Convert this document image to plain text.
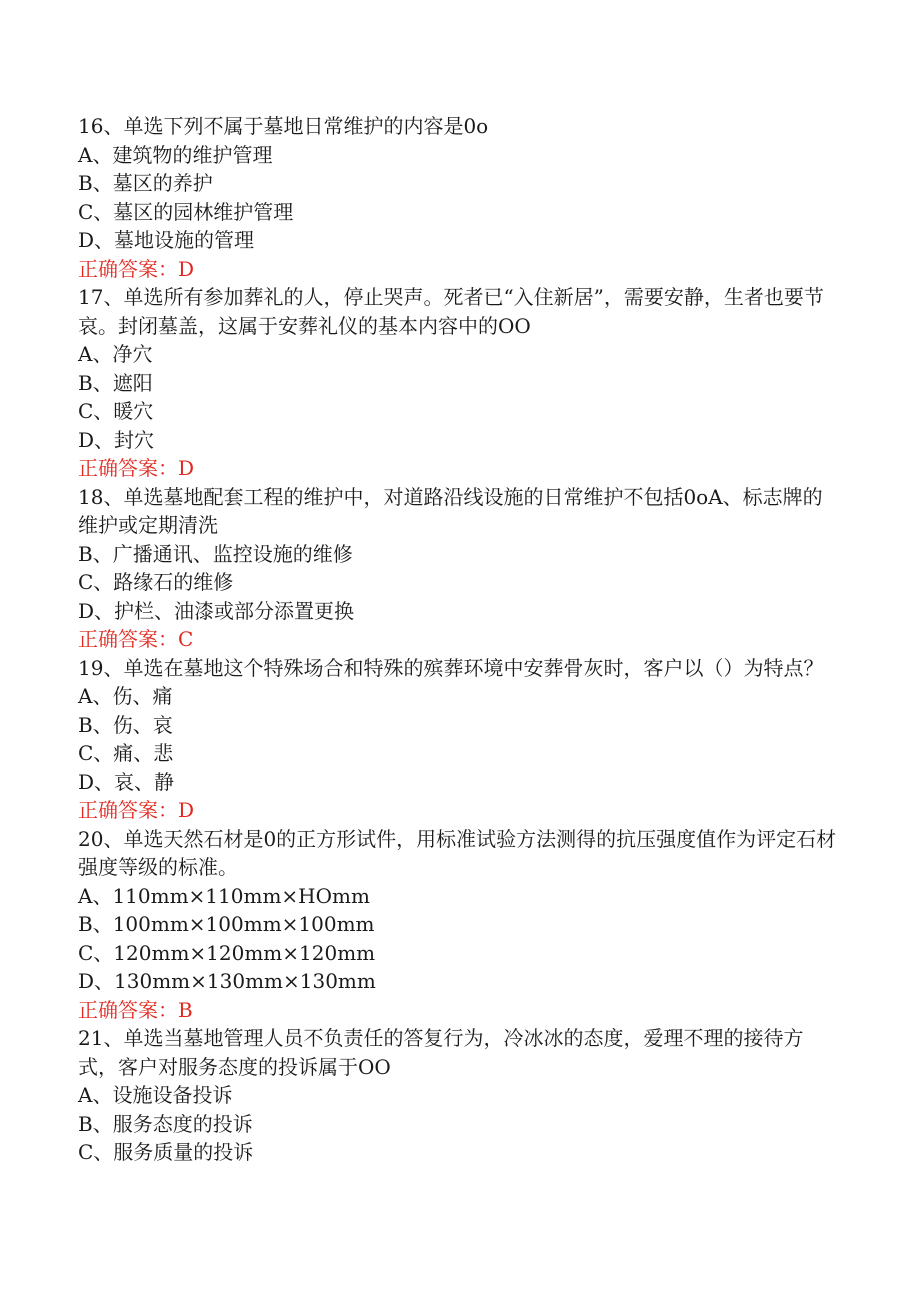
16、单选下列不属于墓地日常维护的内容是0o
A、建筑物的维护管理
B、墓区的养护
C、墓区的园林维护管理
D、墓地设施的管理
正确答案：D
17、单选所有参加葬礼的人，停止哭声。死者已“入住新居”，需要安静，生者也要节哀。封闭墓盖，这属于安葬礼仪的基本内容中的OO
A、净穴
B、遮阳
C、暖穴
D、封穴
正确答案：D
18、单选墓地配套工程的维护中，对道路沿线设施的日常维护不包括0oA、标志牌的维护或定期清洗
B、广播通讯、监控设施的维修
C、路缘石的维修
D、护栏、油漆或部分添置更换
正确答案：C
19、单选在墓地这个特殊场合和特殊的殡葬环境中安葬骨灰时，客户以（）为特点？
A、伤、痛
B、伤、哀
C、痛、悲
D、哀、静
正确答案：D
20、单选天然石材是0的正方形试件，用标准试验方法测得的抗压强度值作为评定石材强度等级的标准。
A、110mm×110mm×HOmm
B、100mm×100mm×100mm
C、120mm×120mm×120mm
D、130mm×130mm×130mm
正确答案：B
21、单选当墓地管理人员不负责任的答复行为，冷冰冰的态度，爱理不理的接待方式，客户对服务态度的投诉属于OO
A、设施设备投诉
B、服务态度的投诉
C、服务质量的投诉
